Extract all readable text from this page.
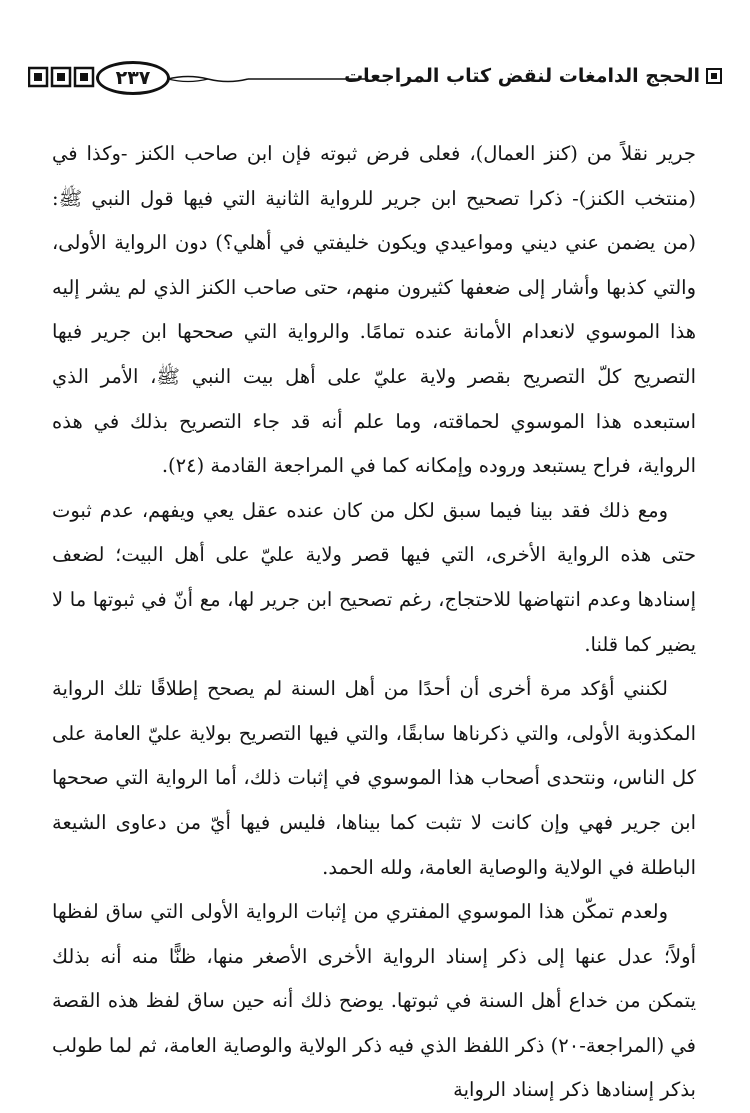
٢٣٧	الحجج الدامغات لنقض كتاب المراجعات

جرير نقلاً من (كنز العمال)، فعلى فرض ثبوته فإن ابن صاحب الكنز -وكذا في (منتخب الكنز)- ذكرا تصحيح ابن جرير للرواية الثانية التي فيها قول النبي ﷺ: (من يضمن عني ديني ومواعيدي ويكون خليفتي في أهلي؟) دون الرواية الأولى، والتي كذبها وأشار إلى ضعفها كثيرون منهم، حتى صاحب الكنز الذي لم يشر إليه هذا الموسوي لانعدام الأمانة عنده تمامًا. والرواية التي صححها ابن جرير فيها التصريح كلّ التصريح بقصر ولاية عليّ على أهل بيت النبي ﷺ، الأمر الذي استبعده هذا الموسوي لحماقته، وما علم أنه قد جاء التصريح بذلك في هذه الرواية، فراح يستبعد وروده وإمكانه كما في المراجعة القادمة (٢٤).

ومع ذلك فقد بينا فيما سبق لكل من كان عنده عقل يعي ويفهم، عدم ثبوت حتى هذه الرواية الأخرى، التي فيها قصر ولاية عليّ على أهل البيت؛ لضعف إسنادها وعدم انتهاضها للاحتجاج، رغم تصحيح ابن جرير لها، مع أنّ في ثبوتها ما لا يضير كما قلنا.

لكنني أؤكد مرة أخرى أن أحدًا من أهل السنة لم يصحح إطلاقًا تلك الرواية المكذوبة الأولى، والتي ذكرناها سابقًا، والتي فيها التصريح بولاية عليّ العامة على كل الناس، ونتحدى أصحاب هذا الموسوي في إثبات ذلك، أما الرواية التي صححها ابن جرير فهي وإن كانت لا تثبت كما بيناها، فليس فيها أيّ من دعاوى الشيعة الباطلة في الولاية والوصاية العامة، ولله الحمد.

ولعدم تمكّن هذا الموسوي المفتري من إثبات الرواية الأولى التي ساق لفظها أولاً؛ عدل عنها إلى ذكر إسناد الرواية الأخرى الأصغر منها، ظنًّا منه أنه بذلك يتمكن من خداع أهل السنة في ثبوتها. يوضح ذلك أنه حين ساق لفظ هذه القصة في (المراجعة-٢٠) ذكر اللفظ الذي فيه ذكر الولاية والوصاية العامة، ثم لما طولب بذكر إسنادها ذكر إسناد الرواية
